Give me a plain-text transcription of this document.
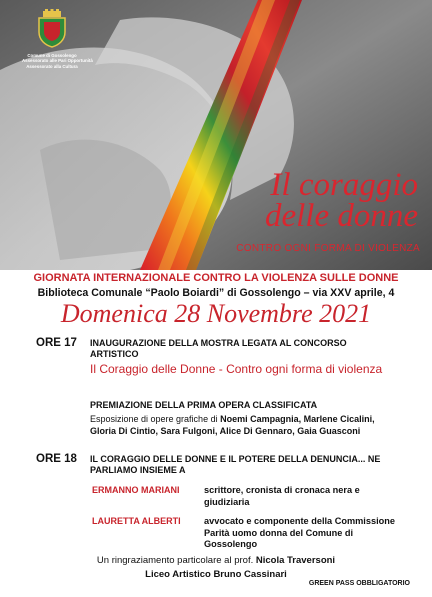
Comune di Gossolengo
Assessorato alle Pari Opportunità
Assessorato alla Cultura
Il coraggio
delle donne
CONTRO OGNI FORMA DI VIOLENZA
GIORNATA INTERNAZIONALE CONTRO LA VIOLENZA SULLE DONNE
Biblioteca Comunale “Paolo Boiardi” di Gossolengo – via XXV aprile, 4
Domenica 28 Novembre 2021
ORE 17 INAUGURAZIONE DELLA MOSTRA LEGATA AL CONCORSO ARTISTICO
Il Coraggio delle Donne - Contro ogni forma di violenza
PREMIAZIONE DELLA PRIMA OPERA CLASSIFICATA
Esposizione di opere grafiche di Noemi Campagnia, Marlene Cicalini, Gloria Di Cintio, Sara Fulgoni, Alice Di Gennaro, Gaia Guasconi
ORE 18 IL CORAGGIO DELLE DONNE E IL POTERE DELLA DENUNCIA... NE PARLIAMO INSIEME A
ERMANNO MARIANI	scrittore, cronista di cronaca nera e giudiziaria
LAURETTA ALBERTI	avvocato e componente della Commissione Parità uomo donna del Comune di Gossolengo
Un ringraziamento particolare al prof. Nicola Traversoni
Liceo Artistico Bruno Cassinari
GREEN PASS OBBLIGATORIO
